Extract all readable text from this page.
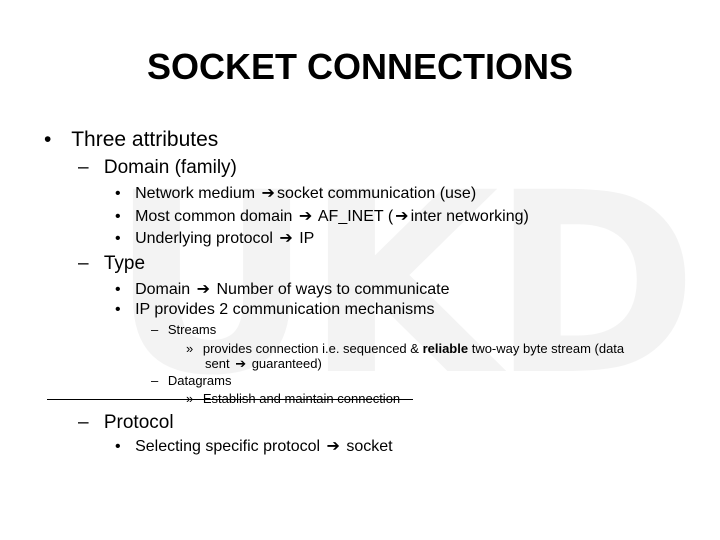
SOCKET CONNECTIONS
• Three attributes
– Domain (family)
• Network medium ➔ socket communication (use)
• Most common domain ➔ AF_INET ( ➔ inter networking)
• Underlying protocol ➔ IP
– Type
• Domain ➔ Number of ways to communicate
• IP provides 2 communication mechanisms
– Streams
» provides connection i.e. sequenced & reliable two-way byte stream (data
sent ➔ guaranteed)
– Datagrams
» Establish and maintain connection
– Protocol
• Selecting specific protocol ➔ socket
